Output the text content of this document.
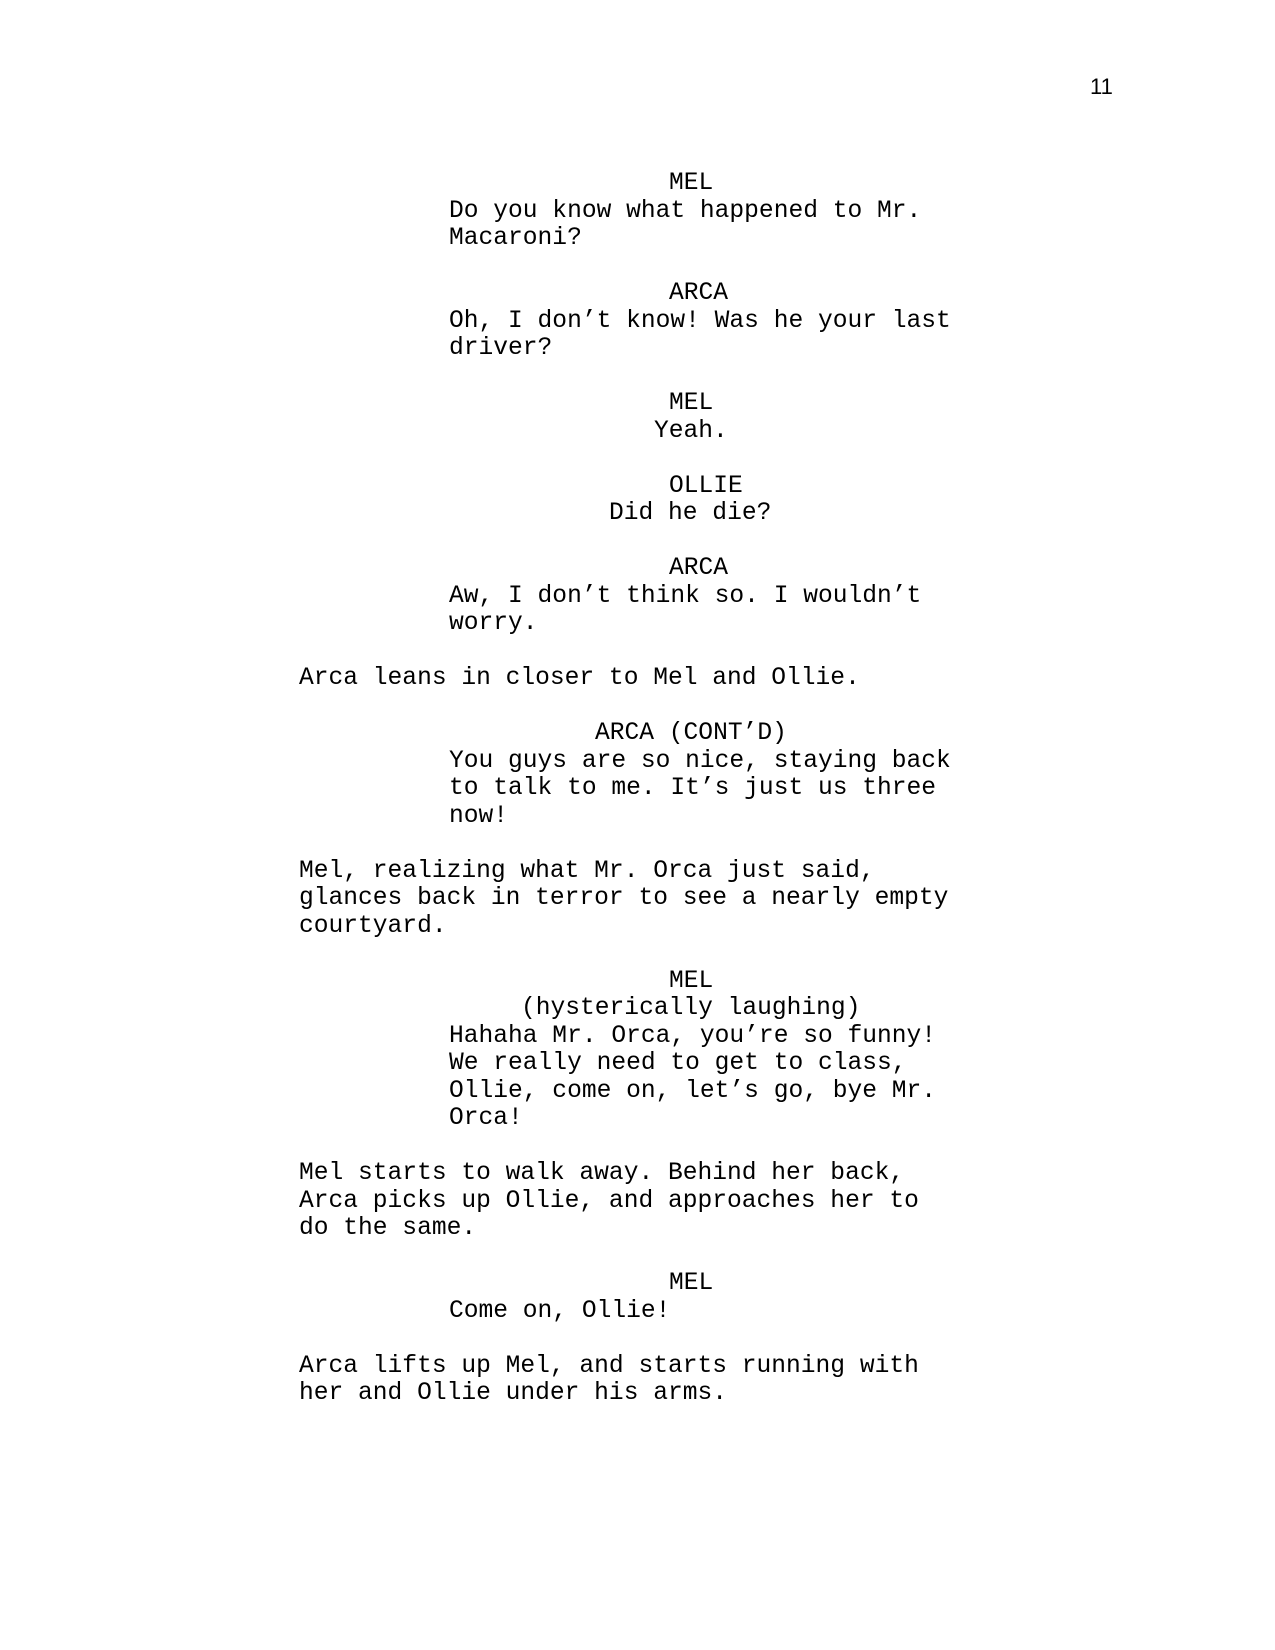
11
MEL
Do you know what happened to Mr.
Macaroni?
ARCA
Oh, I don’t know! Was he your last
driver?
MEL
Yeah.
OLLIE
Did he die?
ARCA
Aw, I don’t think so. I wouldn’t
worry.
Arca leans in closer to Mel and Ollie.
ARCA (CONT’D)
You guys are so nice, staying back
to talk to me. It’s just us three
now!
Mel, realizing what Mr. Orca just said,
glances back in terror to see a nearly empty
courtyard.
MEL
(hysterically laughing)
Hahaha Mr. Orca, you’re so funny!
We really need to get to class,
Ollie, come on, let’s go, bye Mr.
Orca!
Mel starts to walk away. Behind her back,
Arca picks up Ollie, and approaches her to
do the same.
MEL
Come on, Ollie!
Arca lifts up Mel, and starts running with
her and Ollie under his arms.
